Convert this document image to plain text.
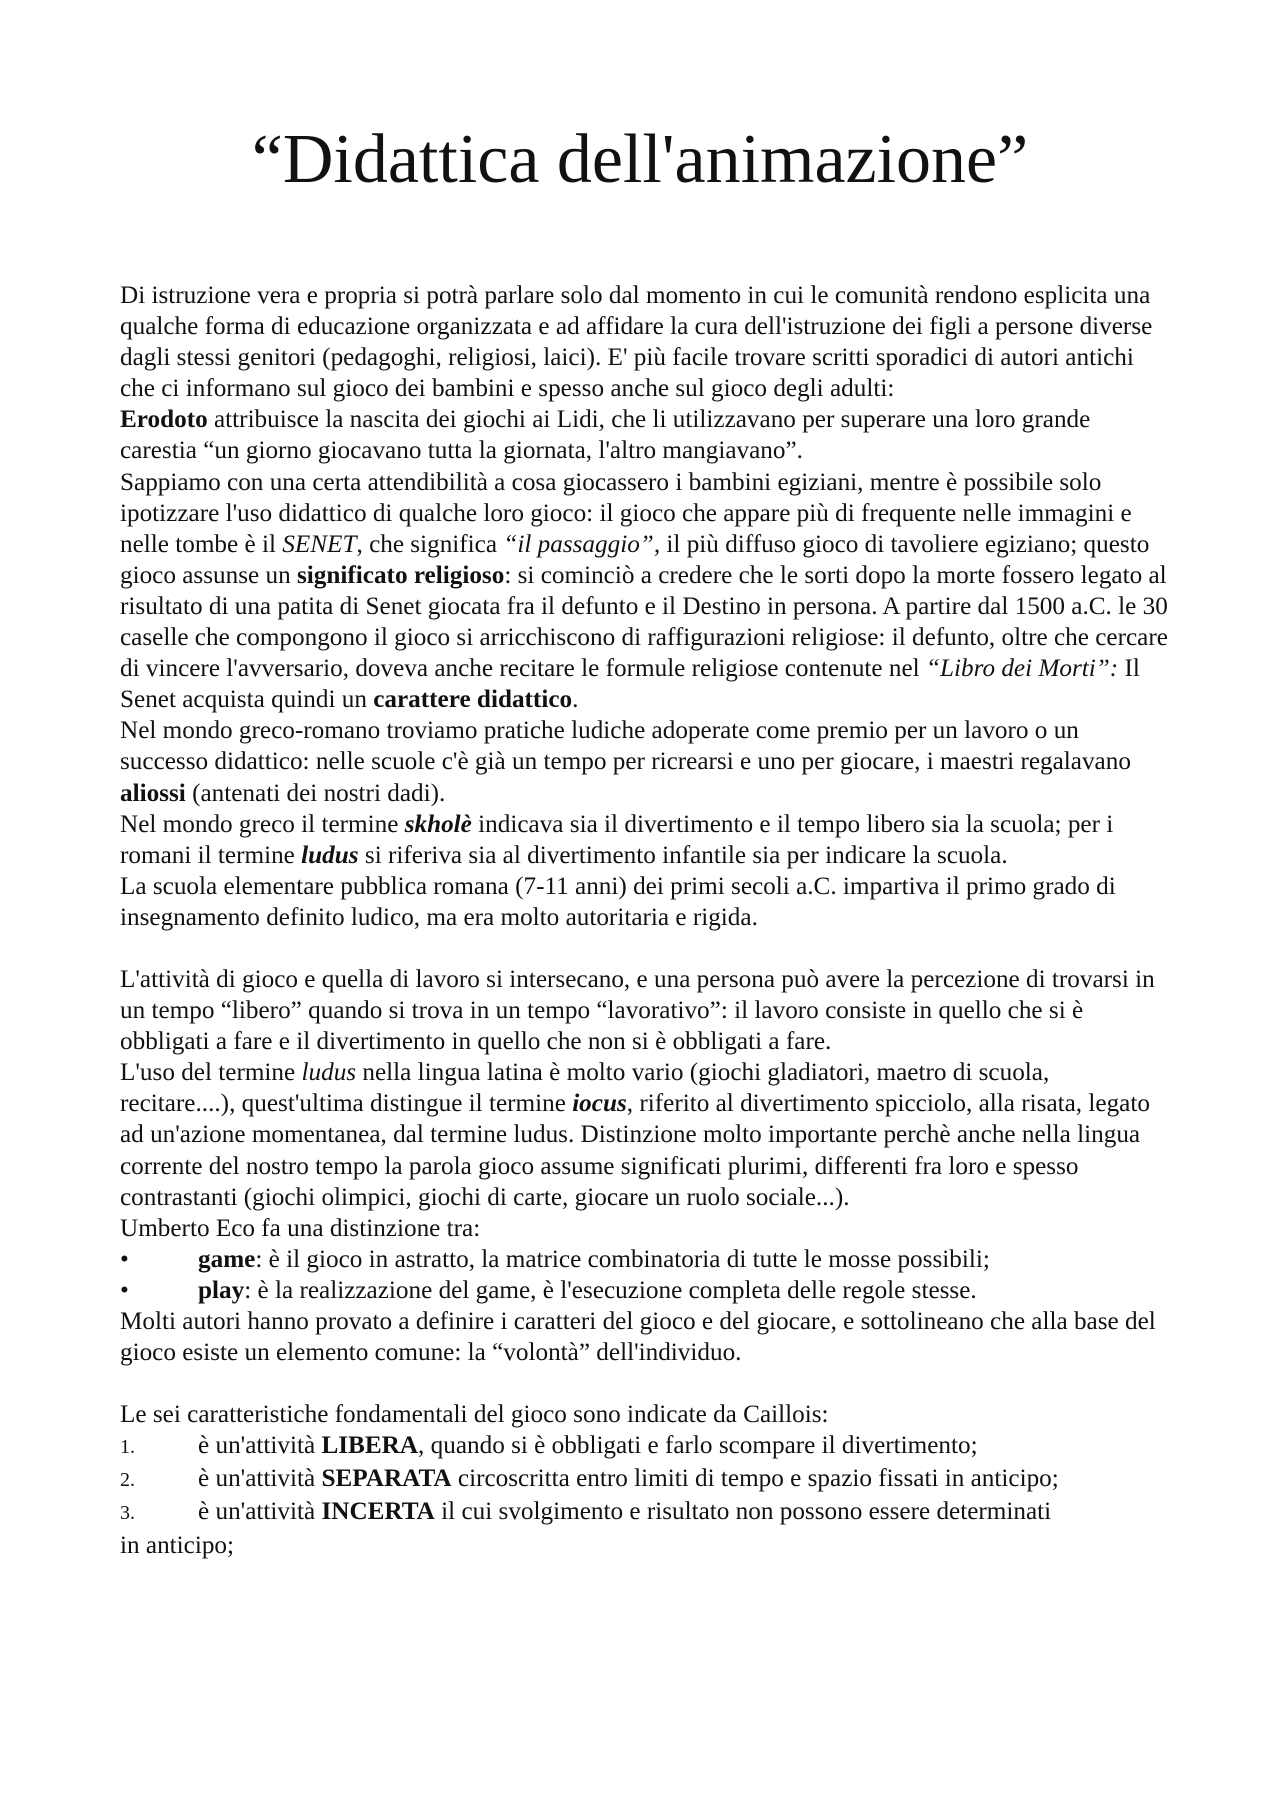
“Didattica dell'animazione”

Di istruzione vera e propria si potrà parlare solo dal momento in cui le comunità rendono esplicita una qualche forma di educazione organizzata e ad affidare la cura dell'istruzione dei figli a persone diverse dagli stessi genitori (pedagoghi, religiosi, laici). E' più facile trovare scritti sporadici di autori antichi che ci informano sul gioco dei bambini e spesso anche sul gioco degli adulti:

Erodoto attribuisce la nascita dei giochi ai Lidi, che li utilizzavano per superare una loro grande carestia “un giorno giocavano tutta la giornata, l'altro mangiavano”.

Sappiamo con una certa attendibilità a cosa giocassero i bambini egiziani, mentre è possibile solo ipotizzare l'uso didattico di qualche loro gioco: il gioco che appare più di frequente nelle immagini e nelle tombe è il SENET, che significa “il passaggio”, il più diffuso gioco di tavoliere egiziano; questo gioco assunse un significato religioso: si cominciò a credere che le sorti dopo la morte fossero legato al risultato di una patita di Senet giocata fra il defunto e il Destino in persona. A partire dal 1500 a.C. le 30 caselle che compongono il gioco si arricchiscono di raffigurazioni religiose: il defunto, oltre che cercare di vincere l'avversario, doveva anche recitare le formule religiose contenute nel “Libro dei Morti”: Il Senet acquista quindi un carattere didattico.

Nel mondo greco-romano troviamo pratiche ludiche adoperate come premio per un lavoro o un successo didattico: nelle scuole c'è già un tempo per ricrearsi e uno per giocare, i maestri regalavano aliossi (antenati dei nostri dadi).

Nel mondo greco il termine skholè indicava sia il divertimento e il tempo libero sia la scuola; per i romani il termine ludus si riferiva sia al divertimento infantile sia per indicare la scuola.

La scuola elementare pubblica romana (7-11 anni) dei primi secoli a.C. impartiva il primo grado di insegnamento definito ludico, ma era molto autoritaria e rigida.

L'attività di gioco e quella di lavoro si intersecano, e una persona può avere la percezione di trovarsi in un tempo “libero” quando si trova in un tempo “lavorativo”: il lavoro consiste in quello che si è obbligati a fare e il divertimento in quello che non si è obbligati a fare.

L'uso del termine ludus nella lingua latina è molto vario (giochi gladiatori, maetro di scuola, recitare....), quest'ultima distingue il termine iocus, riferito al divertimento spicciolo, alla risata, legato ad un'azione momentanea, dal termine ludus. Distinzione molto importante perchè anche nella lingua corrente del nostro tempo la parola gioco assume significati plurimi, differenti fra loro e spesso contrastanti (giochi olimpici, giochi di carte, giocare un ruolo sociale...).

Umberto Eco fa una distinzione tra:

•	game: è il gioco in astratto, la matrice combinatoria di tutte le mosse possibili;
•	play: è la realizzazione del game, è l'esecuzione completa delle regole stesse.

Molti autori hanno provato a definire i caratteri del gioco e del giocare, e sottolineano che alla base del gioco esiste un elemento comune: la “volontà” dell'individuo.

Le sei caratteristiche fondamentali del gioco sono indicate da Caillois:

1.	è un'attività LIBERA, quando si è obbligati e farlo scompare il divertimento;
2.	è un'attività SEPARATA circoscritta entro limiti di tempo e spazio fissati in anticipo;
3.	è un'attività INCERTA il cui svolgimento e risultato non possono essere determinati

in anticipo;
